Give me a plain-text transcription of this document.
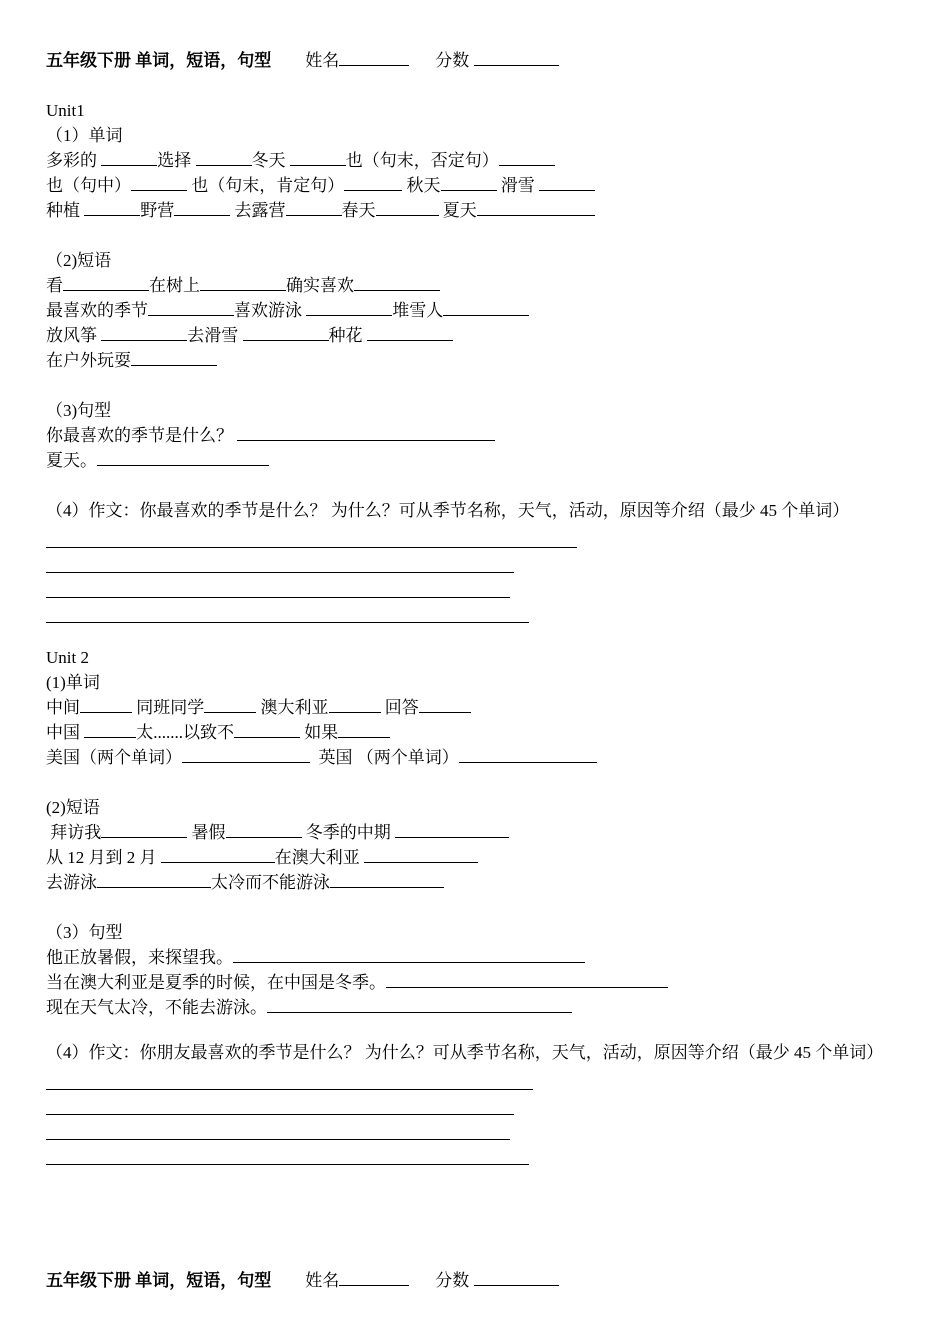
五年级下册 单词，短语，句型 姓名	分数
Unit1
（1）单词
多彩的	选择	冬天	也（句末，否定句）
也（句中）	也（句末，肯定句）	秋天	滑雪
种植	野营	去露营	春天	夏天
（2)短语
看	在树上	确实喜欢
最喜欢的季节	喜欢游泳	堆雪人
放风筝	去滑雪	种花
在户外玩耍
（3)句型
你最喜欢的季节是什么？
夏天。
（4）作文：你最喜欢的季节是什么？ 为什么？可从季节名称，天气，活动，原因等介绍（最少 45 个单词）
Unit 2
(1)单词
中间	同班同学	澳大利亚	回答
中国	太.......以致不	如果
美国（两个单词）	英国 （两个单词）
(2)短语
拜访我	暑假	冬季的中期
从 12 月到 2 月	在澳大利亚
去游泳	太冷而不能游泳
（3）句型
他正放暑假，来探望我。
当在澳大利亚是夏季的时候，在中国是冬季。
现在天气太冷，不能去游泳。
（4）作文：你朋友最喜欢的季节是什么？ 为什么？可从季节名称，天气，活动，原因等介绍（最少 45 个单词）
五年级下册 单词，短语，句型 姓名	分数
